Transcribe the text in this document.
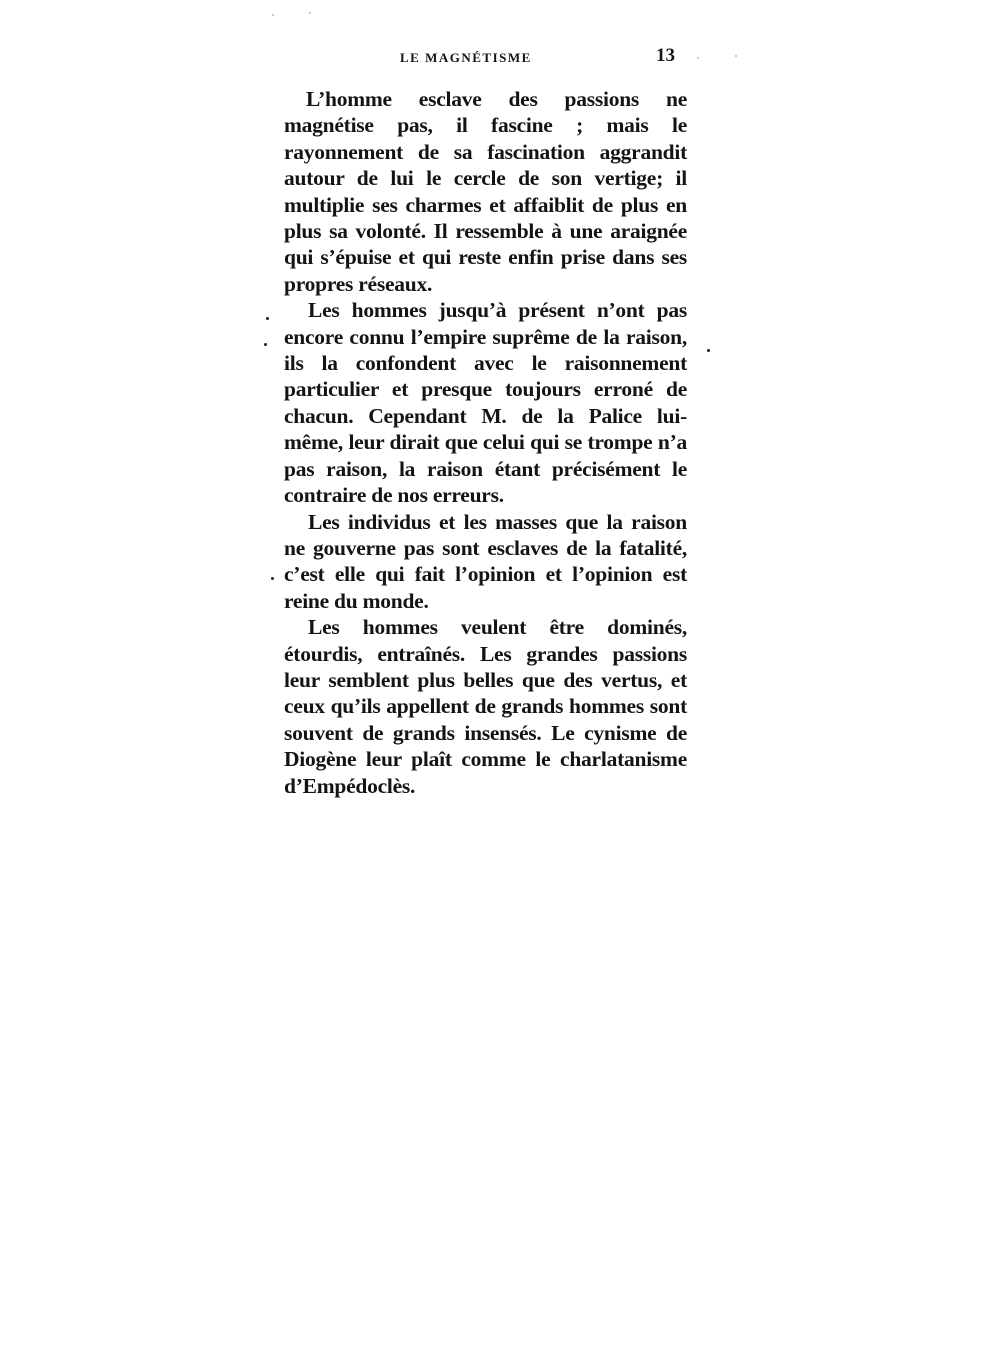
LE MAGNÉTISME	13

L’homme esclave des passions ne magnétise pas, il fascine ; mais le rayonnement de sa fascination aggrandit autour de lui le cercle de son vertige; il multiplie ses charmes et affaiblit de plus en plus sa volonté. Il ressemble à une araignée qui s’épuise et qui reste enfin prise dans ses propres réseaux.

Les hommes jusqu’à présent n’ont pas encore connu l’empire suprême de la raison, ils la confondent avec le raisonnement particulier et presque toujours erroné de chacun. Cependant M. de la Palice lui-même, leur dirait que celui qui se trompe n’a pas raison, la raison étant précisément le contraire de nos erreurs.

Les individus et les masses que la raison ne gouverne pas sont esclaves de la fatalité, c’est elle qui fait l’opinion et l’opinion est reine du monde.

Les hommes veulent être dominés, étourdis, entraînés. Les grandes passions leur semblent plus belles que des vertus, et ceux qu’ils appellent de grands hommes sont souvent de grands insensés. Le cynisme de Diogène leur plaît comme le charlatanisme d’Empédoclès.
